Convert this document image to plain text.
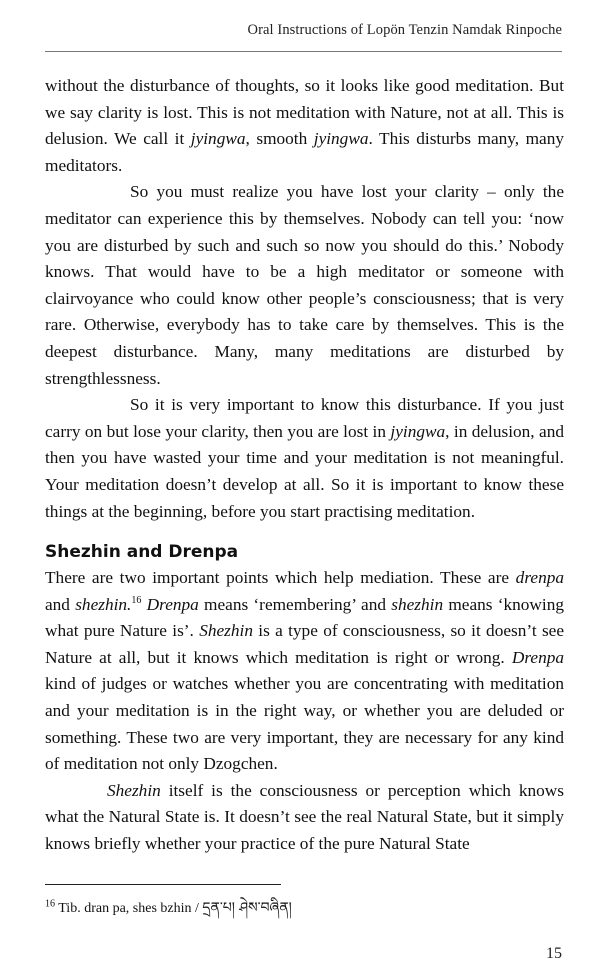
Oral Instructions of Lopön Tenzin Namdak Rinpoche

without the disturbance of thoughts, so it looks like good meditation. But we say clarity is lost. This is not meditation with Nature, not at all. This is delusion. We call it jyingwa, smooth jyingwa. This disturbs many, many meditators.

So you must realize you have lost your clarity – only the meditator can experience this by themselves. Nobody can tell you: ‘now you are disturbed by such and such so now you should do this.’ Nobody knows. That would have to be a high meditator or someone with clairvoyance who could know other people’s consciousness; that is very rare. Otherwise, everybody has to take care by themselves. This is the deepest disturbance. Many, many meditations are disturbed by strengthlessness.

So it is very important to know this disturbance. If you just carry on but lose your clarity, then you are lost in jyingwa, in delusion, and then you have wasted your time and your meditation is not meaningful. Your meditation doesn’t develop at all. So it is important to know these things at the beginning, before you start practising meditation.

Shezhin and Drenpa

There are two important points which help mediation. These are drenpa and shezhin.$^{16}$ Drenpa means ‘remembering’ and shezhin means ‘knowing what pure Nature is’. Shezhin is a type of consciousness, so it doesn’t see Nature at all, but it knows which meditation is right or wrong. Drenpa kind of judges or watches whether you are concentrating with meditation and your meditation is in the right way, or whether you are deluded or something. These two are very important, they are necessary for any kind of meditation not only Dzogchen.

Shezhin itself is the consciousness or perception which knows what the Natural State is. It doesn’t see the real Natural State, but it simply knows briefly whether your practice of the pure Natural State

$^{16}$ Tib. dran pa, shes bzhin / དྲན་པ། ཤེས་བཞིན།
15
